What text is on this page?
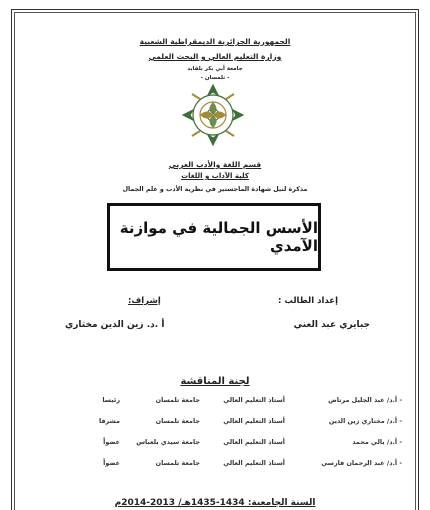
الجمهورية الجزائرية الديمقراطية الشعبية
وزارة التعليم العالي و البحث العلمي
جامعة أبي بكر بلقايد
- تلمسان -
قسم اللغة والأدب العربي
كلية الآداب و اللغات
مذكرة لنيل شهادة الماجستير في نظرية الأدب و علم الجمال
الأسس الجمالية في موازنة الآمدي
إعداد الطالب :
جبايري عبد الغني
إشراف:
أ .د. زين الدين مختاري
لجنة المناقشة
- أ.د/ عبد الجليل مرتاض
أستاذ التعليم العالي
جامعة تلمسان
رئيسا
- أ.د/ مختاري زين الدين
أستاذ التعليم العالي
جامعة تلمسان
مشرفا
- أ.د/ بالي محمد
أستاذ التعليم العالي
جامعة سيدي بلعباس
عضواً
- أ.د/ عبد الرحمان فارسي
أستاذ التعليم العالي
جامعة تلمسان
عضواً
السنة الجامعية: 1434-1435هـ/ 2013-2014م
